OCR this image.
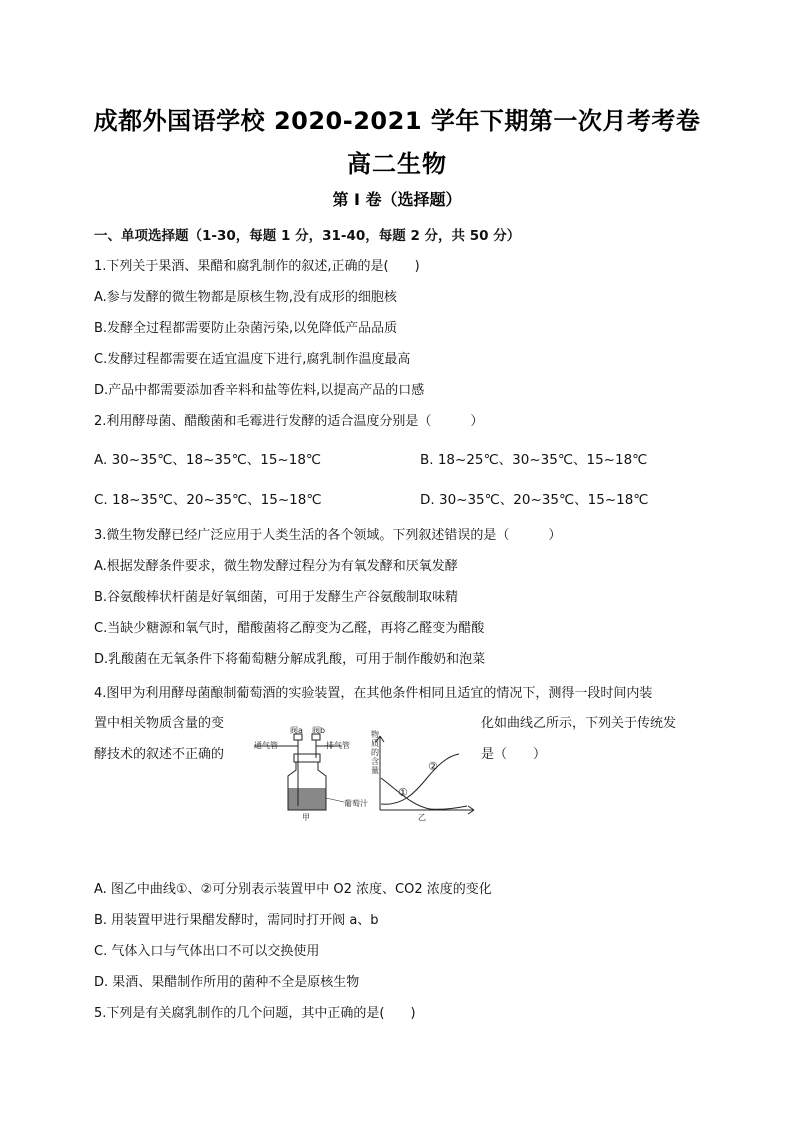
成都外国语学校 2020-2021 学年下期第一次月考考卷
高二生物
第 I 卷（选择题）
一、单项选择题（1-30，每题 1 分，31-40，每题 2 分，共 50 分）
1.下列关于果酒、果醋和腐乳制作的叙述,正确的是(　　)
A.参与发酵的微生物都是原核生物,没有成形的细胞核
B.发酵全过程都需要防止杂菌污染,以免降低产品品质
C.发酵过程都需要在适宜温度下进行,腐乳制作温度最高
D.产品中都需要添加香辛料和盐等佐料,以提高产品的口感
2.利用酵母菌、醋酸菌和毛霉进行发酵的适合温度分别是（　　　）
A. 30~35℃、18~35℃、15~18℃	B. 18~25℃、30~35℃、15~18℃
C. 18~35℃、20~35℃、15~18℃	D. 30~35℃、20~35℃、15~18℃
3.微生物发酵已经广泛应用于人类生活的各个领域。下列叙述错误的是（　　　）
A.根据发酵条件要求，微生物发酵过程分为有氧发酵和厌氧发酵
B.谷氨酸棒状杆菌是好氧细菌，可用于发酵生产谷氨酸制取味精
C.当缺少糖源和氧气时，醋酸菌将乙醇变为乙醛，再将乙醛变为醋酸
D.乳酸菌在无氧条件下将葡萄糖分解成乳酸，可用于制作酸奶和泡菜
4.图甲为利用酵母菌酿制葡萄酒的实验装置，在其他条件相同且适宜的情况下，测得一段时间内装
置中相关物质含量的变	化如曲线乙所示，下列关于传统发
酵技术的叙述不正确的	是（　　）
阀a 阀b
通气管	排气管
葡萄汁
甲
物质的含量
①
②
乙
A. 图乙中曲线①、②可分别表示装置甲中 O2 浓度、CO2 浓度的变化
B. 用装置甲进行果醋发酵时，需同时打开阀 a、b
C. 气体入口与气体出口不可以交换使用
D. 果酒、果醋制作所用的菌种不全是原核生物
5.下列是有关腐乳制作的几个问题，其中正确的是(　　)
